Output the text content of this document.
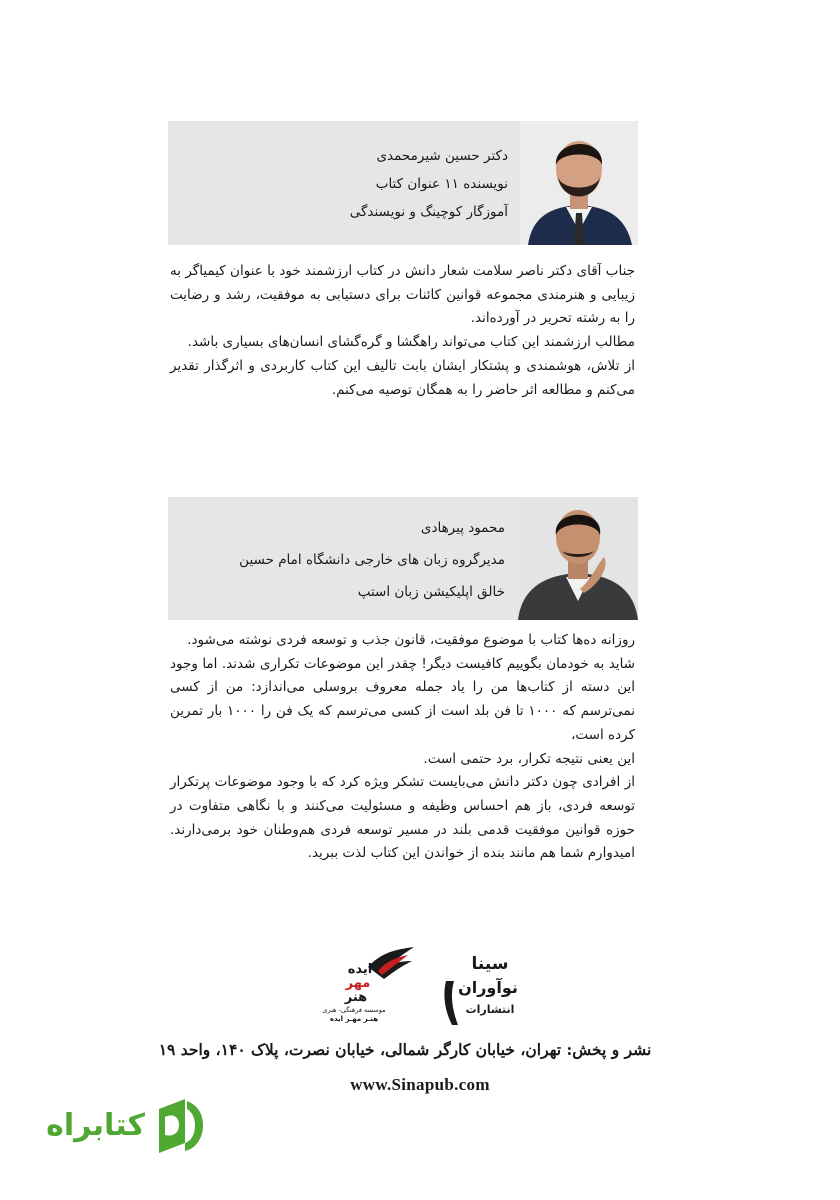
دکتر حسین شیرمحمدی
نویسنده ۱۱ عنوان کتاب
آموزگار کوچینگ و نویسندگی

جناب آقای دکتر ناصر سلامت شعار دانش در کتاب ارزشمند خود با عنوان کیمیاگر به زیبایی و هنرمندی مجموعه قوانین کائنات برای دستیابی به موفقیت، رشد و رضایت را به رشته تحریر در آورده‌اند.

مطالب ارزشمند این کتاب می‌تواند راهگشا و گره‌گشای انسان‌های بسیاری باشد.

از تلاش، هوشمندی و پشتکار ایشان بابت تالیف این کتاب کاربردی و اثرگذار تقدیر می‌کنم و مطالعه اثر حاضر را به همگان توصیه می‌کنم.

محمود پیرهادی
مدیرگروه زبان های خارجی دانشگاه امام حسین
خالق اپلیکیشن زبان استپ

روزانه ده‌ها کتاب با موضوع موفقیت، قانون جذب و توسعه فردی نوشته می‌شود.

شاید به خودمان بگوییم کافیست دیگر! چقدر این موضوعات تکراری شدند. اما وجود این دسته از کتاب‌ها من را یاد جمله معروف بروسلی می‌اندازد: من از کسی نمی‌ترسم که ۱۰۰۰ تا فن بلد است از کسی می‌ترسم که یک فن را ۱۰۰۰ بار تمرین کرده است،

این یعنی نتیجه تکرار، برد حتمی است.

از افرادی چون دکتر دانش می‌بایست تشکر ویژه کرد که با وجود موضوعات پرتکرار توسعه فردی، باز هم احساس وظیفه و مسئولیت می‌کنند و با نگاهی متفاوت در حوزه قوانین موفقیت قدمی بلند در مسیر توسعه فردی هم‌وطنان خود برمی‌دارند. امیدوارم شما هم مانند بنده از خواندن این کتاب لذت ببرید.

ایده
مهر
هنر
موسسه فرهنگی- هنری
هنـر مهـر ایده
سینا
نوآوران
انتشارات
نشر و پخش: تهران، خیابان کارگر شمالی، خیابان نصرت، پلاک ۱۴۰، واحد ۱۹
www.Sinapub.com
کتابراه
